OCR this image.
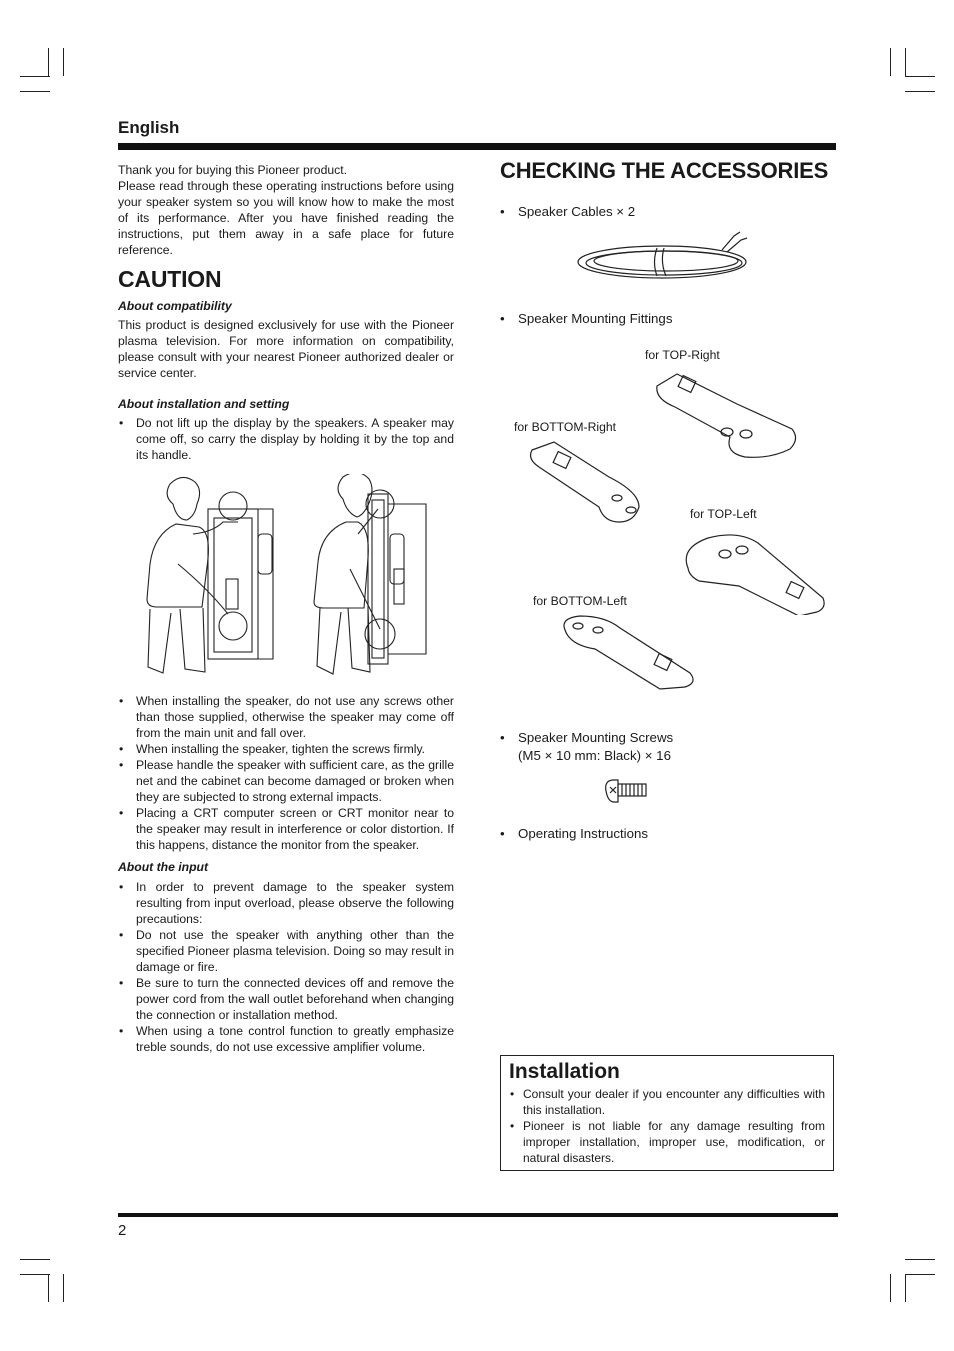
English

Thank you for buying this Pioneer product.

Please read through these operating instructions before using your speaker system so you will know how to make the most of its performance. After you have finished reading the instructions, put them away in a safe place for future reference.

CAUTION
About compatibility

This product is designed exclusively for use with the Pioneer plasma television. For more information on compatibility, please consult with your nearest Pioneer authorized dealer or service center.

About installation and setting
• Do not lift up the display by the speakers. A speaker may come off, so carry the display by holding it by the top and its handle.
• When installing the speaker, do not use any screws other than those supplied, otherwise the speaker may come off from the main unit and fall over.
• When installing the speaker, tighten the screws firmly.
• Please handle the speaker with sufficient care, as the grille net and the cabinet can become damaged or broken when they are subjected to strong external impacts.
• Placing a CRT computer screen or CRT monitor near to the speaker may result in interference or color distortion. If this happens, distance the monitor from the speaker.
About the input
• In order to prevent damage to the speaker system resulting from input overload, please observe the following precautions:
• Do not use the speaker with anything other than the specified Pioneer plasma television. Doing so may result in damage or fire.
• Be sure to turn the connected devices off and remove the power cord from the wall outlet beforehand when changing the connection or installation method.
• When using a tone control function to greatly emphasize treble sounds, do not use excessive amplifier volume.
CHECKING THE ACCESSORIES
• Speaker Cables × 2
• Speaker Mounting Fittings
for TOP-Right
for BOTTOM-Right
for TOP-Left
for BOTTOM-Left
• Speaker Mounting Screws
(M5 × 10 mm: Black) × 16
• Operating Instructions
Installation
• Consult your dealer if you encounter any difficulties with this installation.
• Pioneer is not liable for any damage resulting from improper installation, improper use, modification, or natural disasters.
2
